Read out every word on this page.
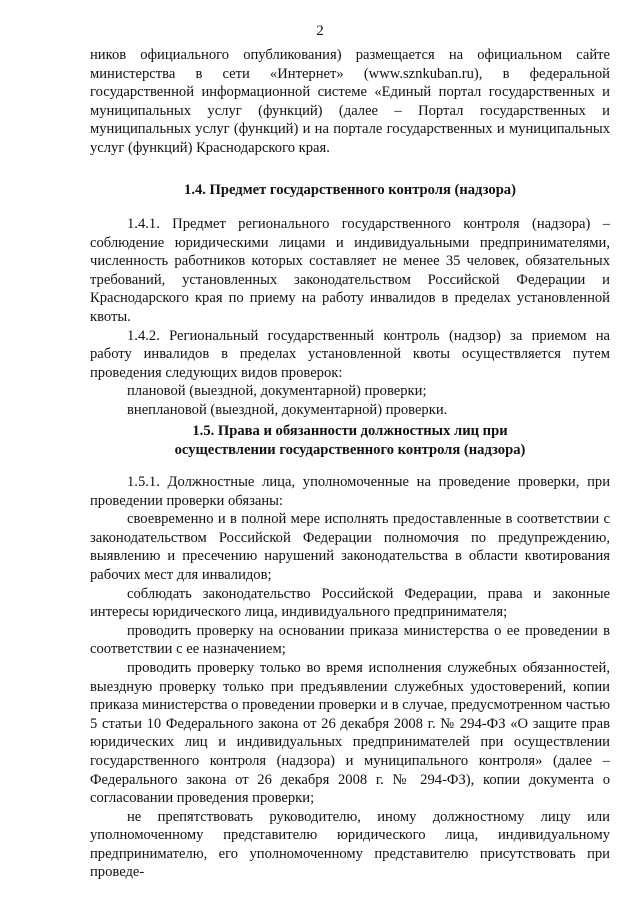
2

ников официального опубликования) размещается на официальном сайте министерства в сети «Интернет» (www.sznkuban.ru), в федеральной государственной информационной системе «Единый портал государственных и муниципальных услуг (функций) (далее – Портал государственных и муниципальных услуг (функций) и на портале государственных и муниципальных услуг (функций) Краснодарского края.

1.4. Предмет государственного контроля (надзора)

1.4.1. Предмет регионального государственного контроля (надзора) – соблюдение юридическими лицами и индивидуальными предпринимателями, численность работников которых составляет не менее 35 человек, обязательных требований, установленных законодательством Российской Федерации и Краснодарского края по приему на работу инвалидов в пределах установленной квоты.

1.4.2. Региональный государственный контроль (надзор) за приемом на работу инвалидов в пределах установленной квоты осуществляется путем проведения следующих видов проверок:

плановой (выездной, документарной) проверки;

внеплановой (выездной, документарной) проверки.

1.5. Права и обязанности должностных лиц при

осуществлении государственного контроля (надзора)

1.5.1. Должностные лица, уполномоченные на проведение проверки, при проведении проверки обязаны:

своевременно и в полной мере исполнять предоставленные в соответствии с законодательством Российской Федерации полномочия по предупреждению, выявлению и пресечению нарушений законодательства в области квотирования рабочих мест для инвалидов;

соблюдать законодательство Российской Федерации, права и законные интересы юридического лица, индивидуального предпринимателя;

проводить проверку на основании приказа министерства о ее проведении в соответствии с ее назначением;

проводить проверку только во время исполнения служебных обязанностей, выездную проверку только при предъявлении служебных удостоверений, копии приказа министерства о проведении проверки и в случае, предусмотренном частью 5 статьи 10 Федерального закона от 26 декабря 2008 г. № 294-ФЗ «О защите прав юридических лиц и индивидуальных предпринимателей при осуществлении государственного контроля (надзора) и муниципального контроля» (далее – Федерального закона от 26 декабря 2008 г. № 294-ФЗ), копии документа о согласовании проведения проверки;

не препятствовать руководителю, иному должностному лицу или уполномоченному представителю юридического лица, индивидуальному предпринимателю, его уполномоченному представителю присутствовать при проведе-
